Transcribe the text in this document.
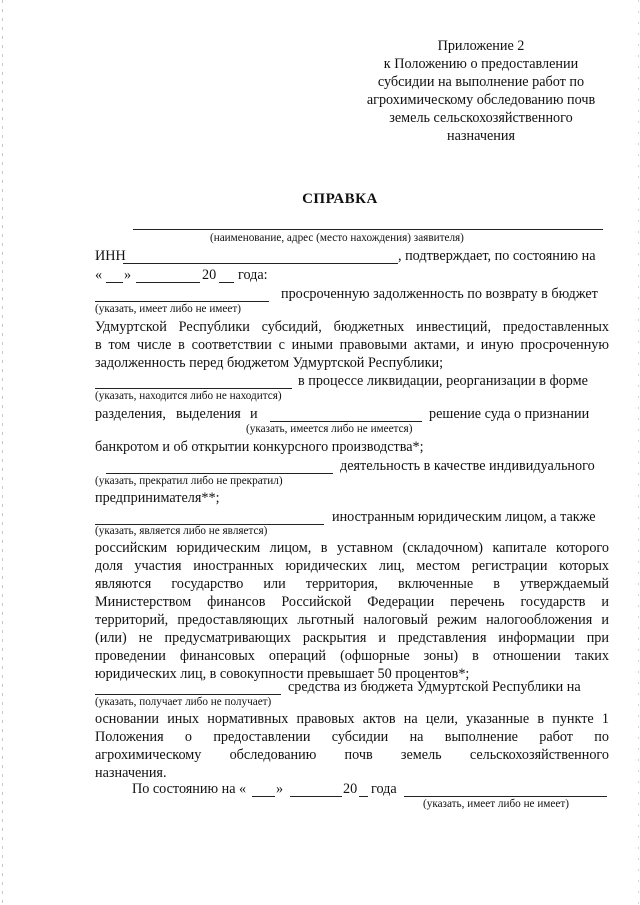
Приложение 2
к Положению о предоставлении
субсидии на выполнение работ по
агрохимическому обследованию почв
земель сельскохозяйственного
назначения
СПРАВКА
(наименование, адрес (место нахождения) заявителя)
ИНН	, подтверждает, по состоянию на
« »	20 года:
просроченную задолженность по возврату в бюджет
(указать, имеет либо не имеет)
Удмуртской Республики субсидий, бюджетных инвестиций, предоставленных
в том числе в соответствии с иными правовыми актами, и иную просроченную
задолженность перед бюджетом Удмуртской Республики;
в процессе ликвидации, реорганизации в форме
(указать, находится либо не находится)
разделения, выделения и	решение суда о признании
(указать, имеется либо не имеется)
банкротом и об открытии конкурсного производства*;
деятельность в качестве индивидуального
(указать, прекратил либо не прекратил)
предпринимателя**;
иностранным юридическим лицом, а также
(указать, является либо не является)
российским юридическим лицом, в уставном (складочном) капитале которого
доля участия иностранных юридических лиц, местом регистрации которых
являются государство или территория, включенные в утверждаемый
Министерством финансов Российской Федерации перечень государств и
территорий, предоставляющих льготный налоговый режим налогообложения и
(или) не предусматривающих раскрытия и представления информации при
проведении финансовых операций (офшорные зоны) в отношении таких
юридических лиц, в совокупности превышает 50 процентов*;
средства из бюджета Удмуртской Республики на
(указать, получает либо не получает)
основании иных нормативных правовых актов на цели, указанные в пункте 1
Положения о предоставлении субсидии на выполнение работ по
агрохимическому обследованию почв земель сельскохозяйственного
назначения.
По состоянию на « »	20 года
(указать, имеет либо не имеет)
